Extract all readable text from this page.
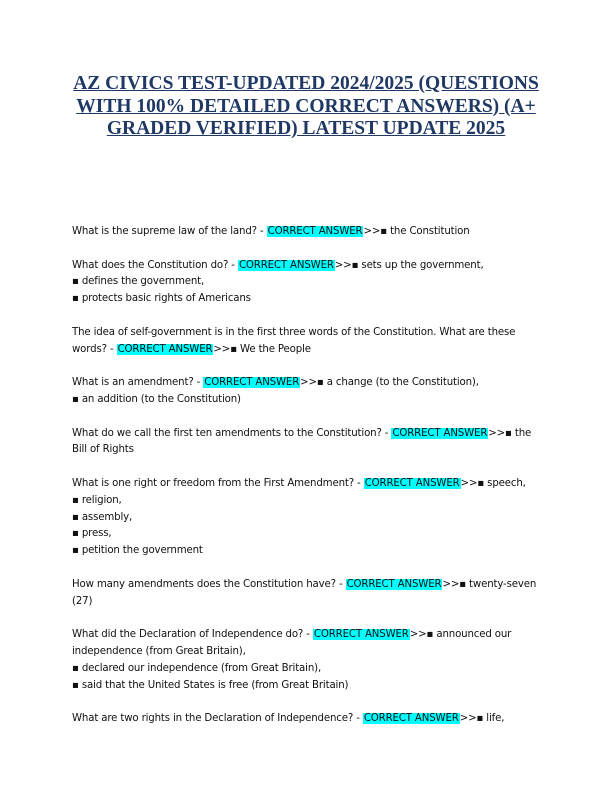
AZ CIVICS TEST-UPDATED 2024/2025 (QUESTIONS WITH 100% DETAILED CORRECT ANSWERS) (A+ GRADED VERIFIED) LATEST UPDATE 2025
What is the supreme law of the land? - CORRECT ANSWER>>▪ the Constitution
What does the Constitution do? - CORRECT ANSWER>>▪ sets up the government,
▪ defines the government,
▪ protects basic rights of Americans
The idea of self-government is in the first three words of the Constitution. What are these words? - CORRECT ANSWER>>▪ We the People
What is an amendment? - CORRECT ANSWER>>▪ a change (to the Constitution),
▪ an addition (to the Constitution)
What do we call the first ten amendments to the Constitution? - CORRECT ANSWER>>▪ the Bill of Rights
What is one right or freedom from the First Amendment? - CORRECT ANSWER>>▪ speech,
▪ religion,
▪ assembly,
▪ press,
▪ petition the government
How many amendments does the Constitution have? - CORRECT ANSWER>>▪ twenty-seven (27)
What did the Declaration of Independence do? - CORRECT ANSWER>>▪ announced our independence (from Great Britain),
▪ declared our independence (from Great Britain),
▪ said that the United States is free (from Great Britain)
What are two rights in the Declaration of Independence? - CORRECT ANSWER>>▪ life,
